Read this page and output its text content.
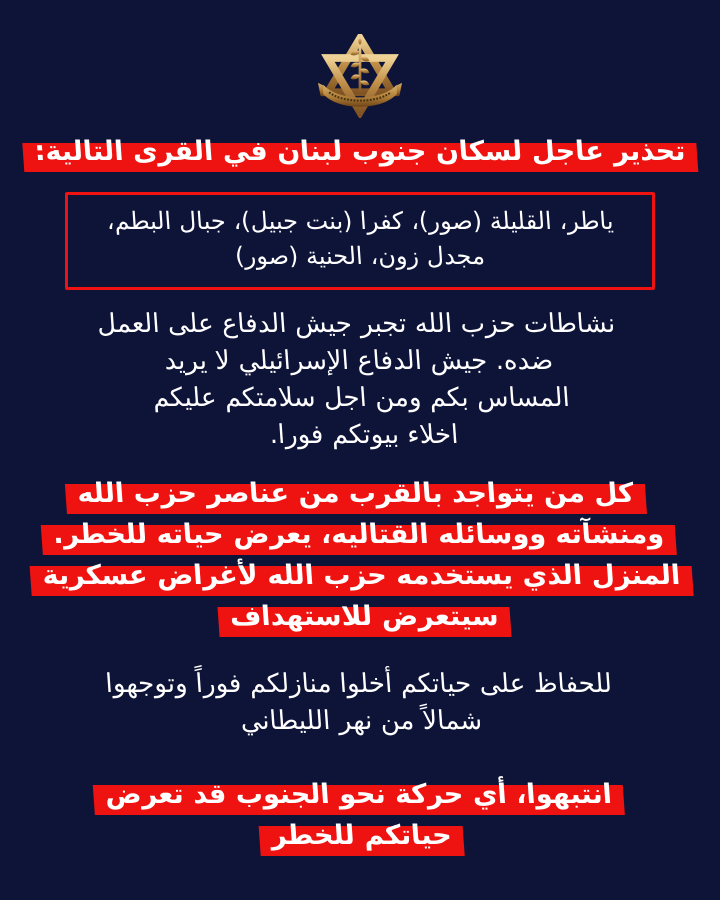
تحذير عاجل لسكان جنوب لبنان في القرى التالية:
ياطر، القليلة (صور)، كفرا (بنت جبيل)، جبال البطم،
مجدل زون، الحنية (صور)
نشاطات حزب الله تجبر جيش الدفاع على العمل
ضده. جيش الدفاع الإسرائيلي لا يريد
المساس بكم ومن اجل سلامتكم عليكم
اخلاء بيوتكم فورا.
كل من يتواجد بالقرب من عناصر حزب الله
ومنشآته ووسائله القتاليه، يعرض حياته للخطر.
المنزل الذي يستخدمه حزب الله لأغراض عسكرية
سيتعرض للاستهداف
للحفاظ على حياتكم أخلوا منازلكم فوراً وتوجهوا
شمالاً من نهر الليطاني
انتبهوا، أي حركة نحو الجنوب قد تعرض
حياتكم للخطر
